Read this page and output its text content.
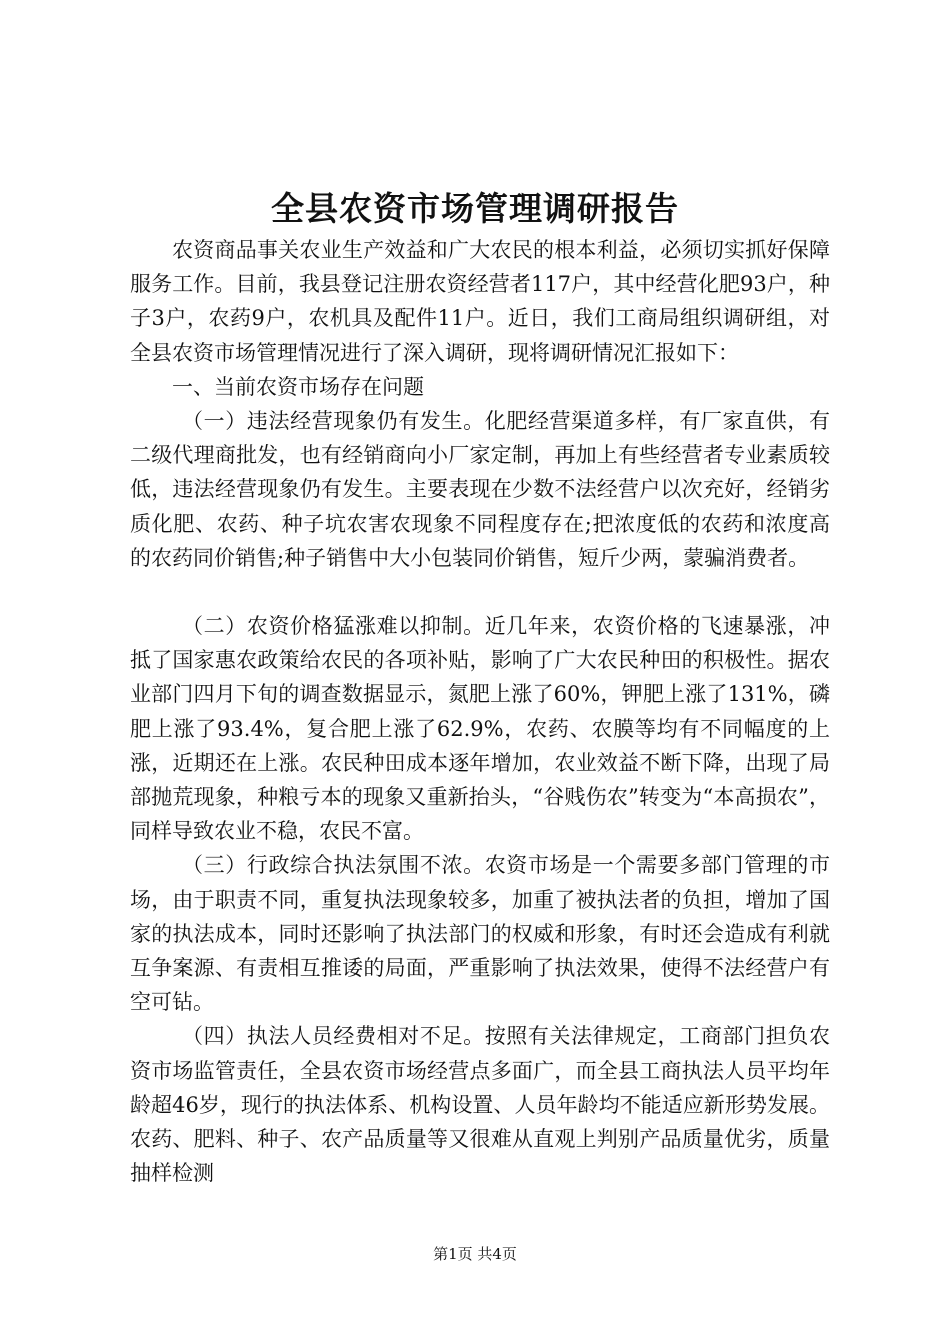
全县农资市场管理调研报告

农资商品事关农业生产效益和广大农民的根本利益，必须切实抓好保障服务工作。目前，我县登记注册农资经营者117户，其中经营化肥93户，种子3户，农药9户，农机具及配件11户。近日，我们工商局组织调研组，对全县农资市场管理情况进行了深入调研，现将调研情况汇报如下：

一、当前农资市场存在问题

（一）违法经营现象仍有发生。化肥经营渠道多样，有厂家直供，有二级代理商批发，也有经销商向小厂家定制，再加上有些经营者专业素质较低，违法经营现象仍有发生。主要表现在少数不法经营户以次充好，经销劣质化肥、农药、种子坑农害农现象不同程度存在;把浓度低的农药和浓度高的农药同价销售;种子销售中大小包装同价销售，短斤少两，蒙骗消费者。

（二）农资价格猛涨难以抑制。近几年来，农资价格的飞速暴涨，冲抵了国家惠农政策给农民的各项补贴，影响了广大农民种田的积极性。据农业部门四月下旬的调查数据显示，氮肥上涨了60%，钾肥上涨了131%，磷肥上涨了93.4%，复合肥上涨了62.9%，农药、农膜等均有不同幅度的上涨，近期还在上涨。农民种田成本逐年增加，农业效益不断下降，出现了局部抛荒现象，种粮亏本的现象又重新抬头，“谷贱伤农”转变为“本高损农”，同样导致农业不稳，农民不富。

（三）行政综合执法氛围不浓。农资市场是一个需要多部门管理的市场，由于职责不同，重复执法现象较多，加重了被执法者的负担，增加了国家的执法成本，同时还影响了执法部门的权威和形象，有时还会造成有利就互争案源、有责相互推诿的局面，严重影响了执法效果，使得不法经营户有空可钻。

（四）执法人员经费相对不足。按照有关法律规定，工商部门担负农资市场监管责任，全县农资市场经营点多面广，而全县工商执法人员平均年龄超46岁，现行的执法体系、机构设置、人员年龄均不能适应新形势发展。农药、肥料、种子、农产品质量等又很难从直观上判别产品质量优劣，质量抽样检测

第1页 共4页
